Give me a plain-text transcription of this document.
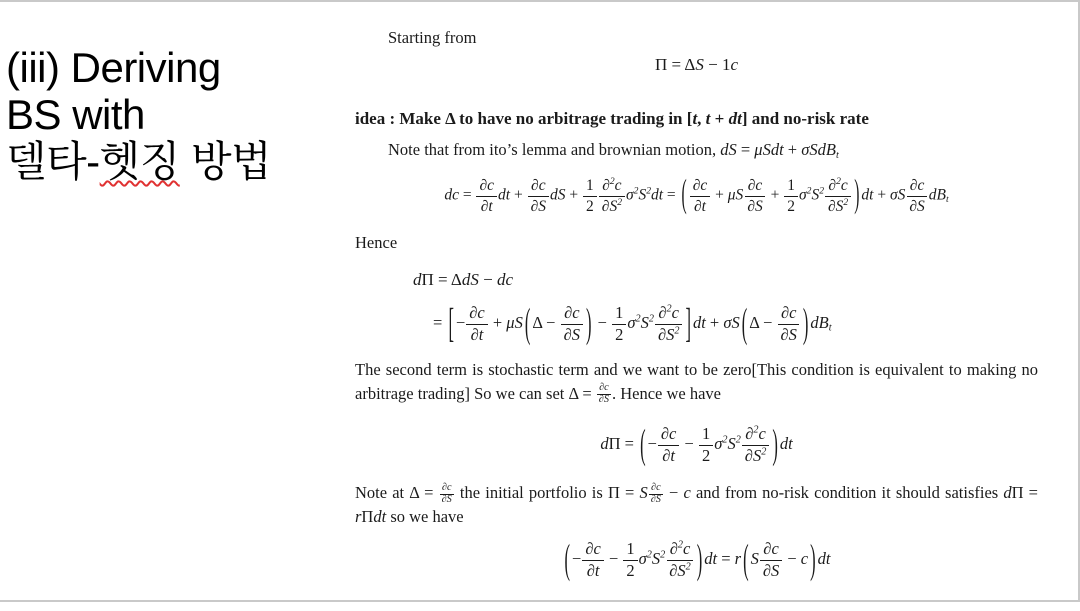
(iii) Deriving
BS with
델타-헷징 방법
Starting from
Π = ΔS − 1c
idea : Make Δ to have no arbitrage trading in [t, t + dt] and no-risk rate
Note that from ito’s lemma and brownian motion, dS = μSdt + σSdBt
dc = $\frac{\partial c}{\partial t}$ dt + $\frac{\partial c}{\partial S}$ dS + $\frac{1}{2} \frac{\partial^2c}{\partial S^2} \sigma^2S^2dt$ = ( $\frac{\partial c}{\partial t} + \mu S \frac{\partial c}{\partial S} + \frac{1}{2} \sigma^2S^2 \frac{\partial^2c}{\partial S^2}$ ) dt + σS $\frac{\partial c}{\partial S}$ dBt
Hence
dΠ = ΔdS − dc
= [ − $\frac{\partial c}{\partial t} + \mu S$ ( $\Delta - \frac{\partial c}{\partial S}$ ) − $\frac{1}{2} \sigma^2S^2 \frac{\partial^2c}{\partial S^2}$ ] dt + σS ( $\Delta - \frac{\partial c}{\partial S}$ ) dBt
The second term is stochastic term and we want to be zero[This condition is equivalent to making no arbitrage trading] So we can set $\Delta = \frac{\partial c}{\partial S}$ . Hence we have
dΠ = ( − $\frac{\partial c}{\partial t} - \frac{1}{2} \sigma^2S^2 \frac{\partial^2c}{\partial S^2}$ ) dt
Note at $\Delta = \frac{\partial c}{\partial S}$ the initial portfolio is Π = S $\frac{\partial c}{\partial S} - c$ and from no-risk condition it should satisfies dΠ = rΠdt so we have
( − $\frac{\partial c}{\partial t} - \frac{1}{2} \sigma^2S^2 \frac{\partial^2c}{\partial S^2}$ ) dt = r ( S $\frac{\partial c}{\partial S} - c$ ) dt
